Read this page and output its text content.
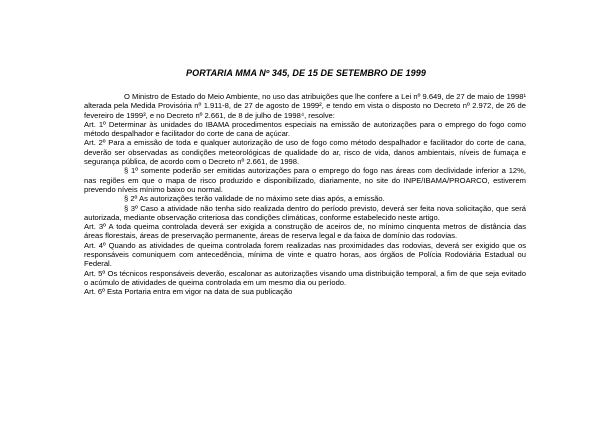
PORTARIA MMA Nº 345, DE 15 DE SETEMBRO DE 1999

O Ministro de Estado do Meio Ambiente, no uso das atribuições que lhe confere a Lei nº 9.649, de 27 de maio de 1998¹ alterada pela Medida Provisória nº 1.911-8, de 27 de agosto de 1999², e tendo em vista o disposto no Decreto nº 2.972, de 26 de fevereiro de 1999³, e no Decreto nº 2.661, de 8 de julho de 1998⁴, resolve:

Art. 1º Determinar às unidades do IBAMA procedimentos especiais na emissão de autorizações para o emprego do fogo como método despalhador e facilitador do corte de cana de açúcar.

Art. 2º Para a emissão de toda e qualquer autorização de uso de fogo como método despalhador e facilitador do corte de cana, deverão ser observadas as condições meteorológicas de qualidade do ar, risco de vida, danos ambientais, níveis de fumaça e segurança pública, de acordo com o Decreto nº 2.661, de 1998.

§ 1º somente poderão ser emitidas autorizações para o emprego do fogo nas áreas com declividade inferior a 12%, nas regiões em que o mapa de risco produzido e disponibilizado, diariamente, no site do INPE/IBAMA/PROARCO, estiverem prevendo níveis mínimo baixo ou normal.

§ 2º As autorizações terão validade de no máximo sete dias após, a emissão.

§ 3º Caso a atividade não tenha sido realizada dentro do período previsto, deverá ser feita nova solicitação, que será autorizada, mediante observação criteriosa das condições climáticas, conforme estabelecido neste artigo.

Art. 3º A toda queima controlada deverá ser exigida a construção de aceiros de, no mínimo cinquenta metros de distância das áreas florestais, áreas de preservação permanente, áreas de reserva legal e da faixa de domínio das rodovias.

Art. 4º Quando as atividades de queima controlada forem realizadas nas proximidades das rodovias, deverá ser exigido que os responsáveis comuniquem com antecedência, mínima de vinte e quatro horas, aos órgãos de Polícia Rodoviária Estadual ou Federal.

Art. 5º Os técnicos responsáveis deverão, escalonar as autorizações visando uma distribuição temporal, a fim de que seja evitado o acúmulo de atividades de queima controlada em um mesmo dia ou período.

Art. 6º Esta Portaria entra em vigor na data de sua publicação
